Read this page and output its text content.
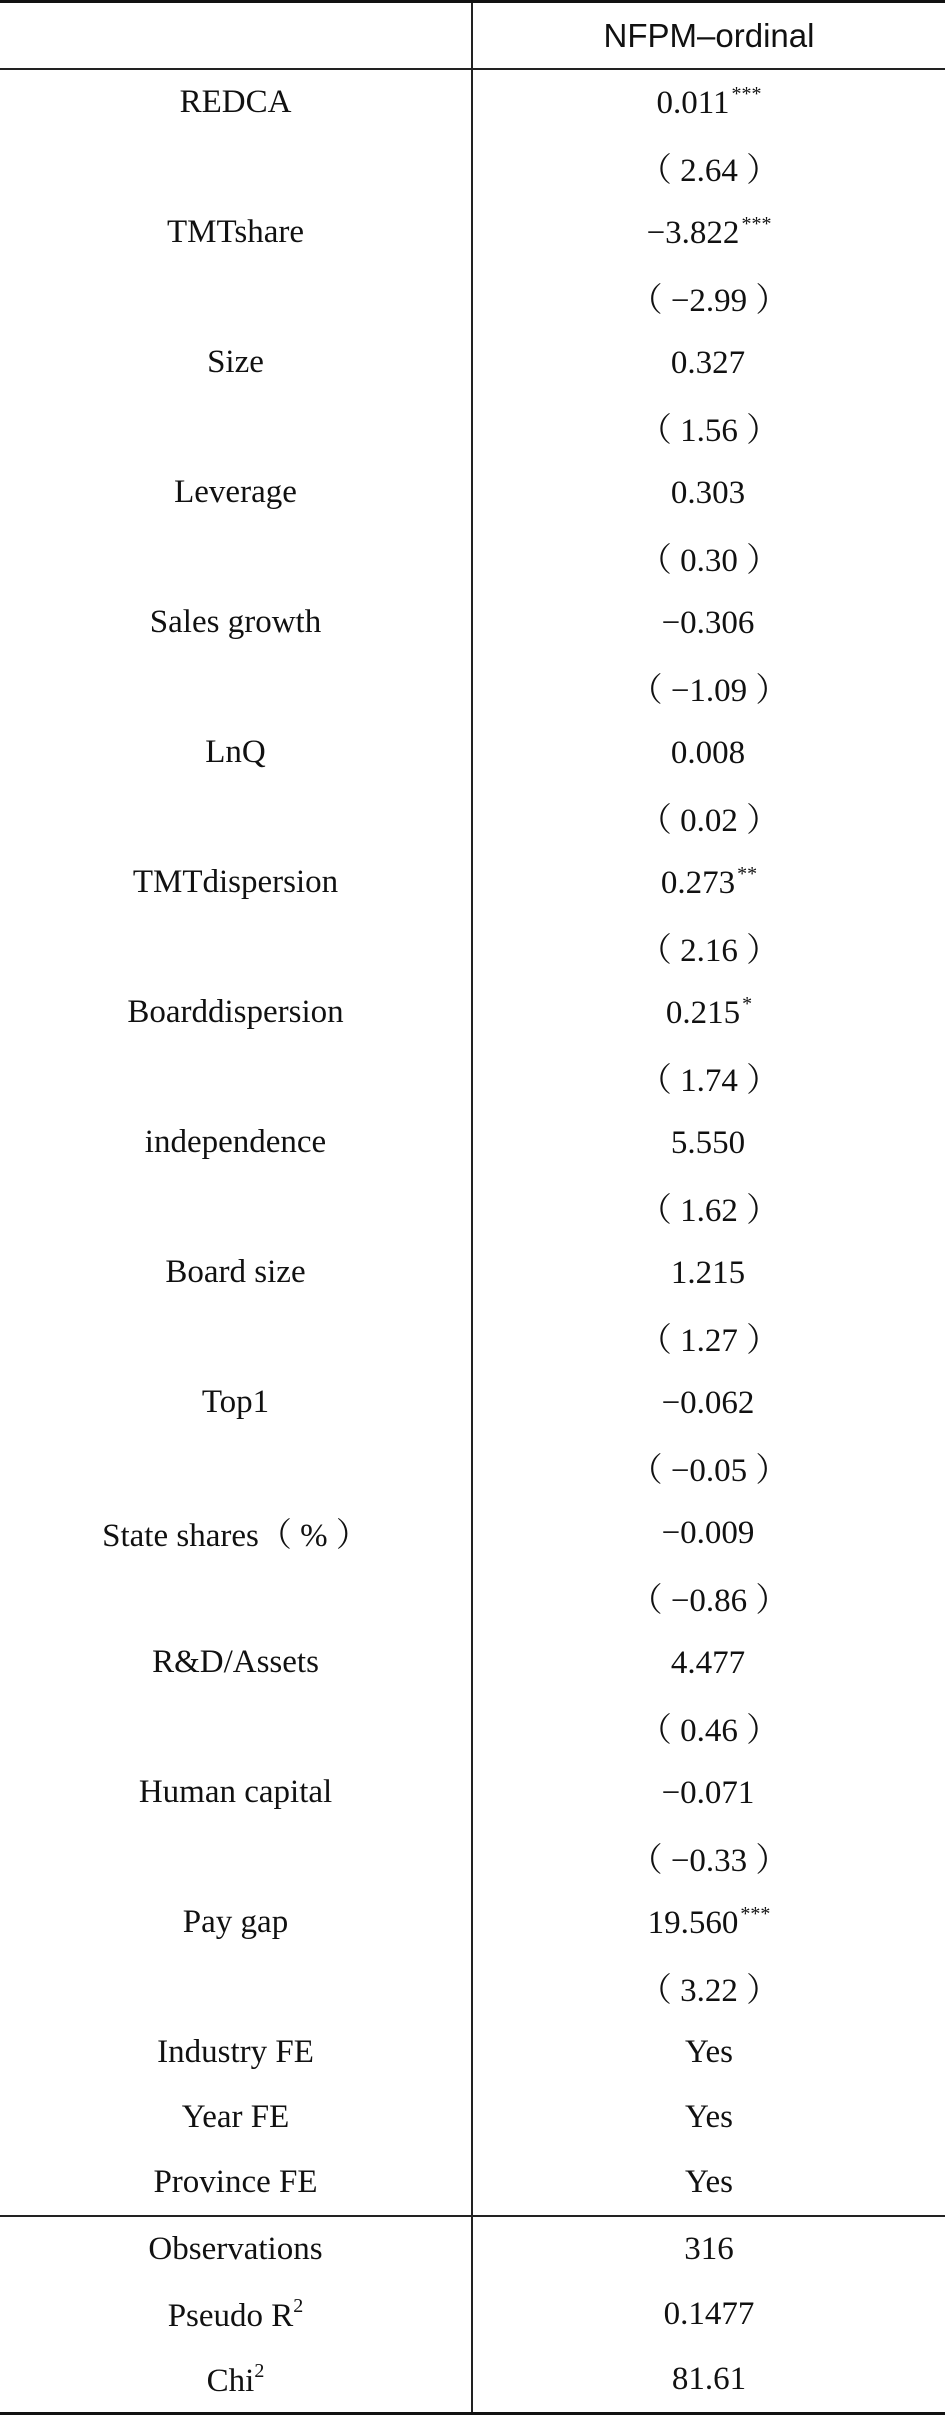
	NFPM–ordinal
REDCA	0.011 ***
	（ 2.64 ）
TMTshare	−3.822 ***
	（ −2.99 ）
Size	0.327
	（ 1.56 ）
Leverage	0.303
	（ 0.30 ）
Sales growth	−0.306
	（ −1.09 ）
LnQ	0.008
	（ 0.02 ）
TMTdispersion	0.273 **
	（ 2.16 ）
Boarddispersion	0.215 *
	（ 1.74 ）
independence	5.550
	（ 1.62 ）
Board size	1.215
	（ 1.27 ）
Top1	−0.062
	（ −0.05 ）
State shares（ % ）	−0.009
	（ −0.86 ）
R&D/Assets	4.477
	（ 0.46 ）
Human capital	−0.071
	（ −0.33 ）
Pay gap	19.560 ***
	（ 3.22 ）
Industry FE	Yes
Year FE	Yes
Province FE	Yes
Observations	316
Pseudo $R^2$	0.1477
Chi$^2$	81.61
